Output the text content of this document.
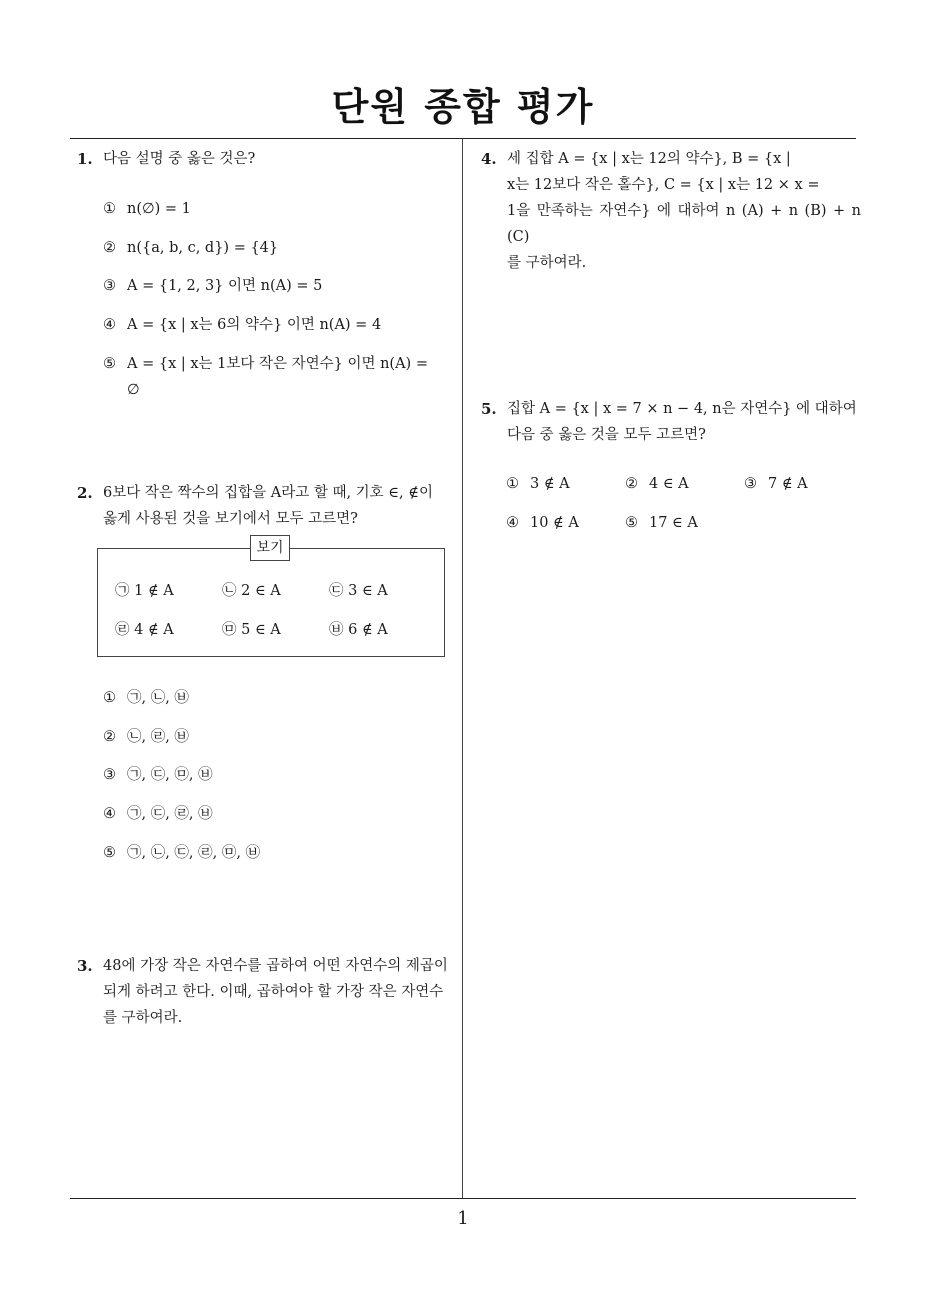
단원 종합 평가
1. 다음 설명 중 옳은 것은?
① n(∅) = 1
② n({a, b, c, d}) = {4}
③ A = {1, 2, 3} 이면 n(A) = 5
④ A = {x | x는 6의 약수} 이면 n(A) = 4
⑤ A = {x | x는 1보다 작은 자연수} 이면 n(A) =
∅
2. 6보다 작은 짝수의 집합을 A라고 할 때, 기호 ∈, ∉이
옳게 사용된 것을 보기에서 모두 고르면?
보기
㉠ 1 ∉ A	㉡ 2 ∈ A	㉢ 3 ∈ A
㉣ 4 ∉ A	㉤ 5 ∈ A	㉥ 6 ∉ A
① ㉠, ㉡, ㉥
② ㉡, ㉣, ㉥
③ ㉠, ㉢, ㉤, ㉥
④ ㉠, ㉢, ㉣, ㉥
⑤ ㉠, ㉡, ㉢, ㉣, ㉤, ㉥
3. 48에 가장 작은 자연수를 곱하여 어떤 자연수의 제곱이
되게 하려고 한다. 이때, 곱하여야 할 가장 작은 자연수
를 구하여라.
4. 세 집합 A = {x | x는 12의 약수}, B = {x |
x는 12보다 작은 홀수}, C = {x | x는 12 × x =
1을 만족하는 자연수} 에 대하여 n (A) + n (B) + n (C)
를 구하여라.
5. 집합 A = {x | x = 7 × n − 4, n은 자연수} 에 대하여
다음 중 옳은 것을 모두 고르면?
① 3 ∉ A	② 4 ∈ A	③ 7 ∉ A
④ 10 ∉ A	⑤ 17 ∈ A
1
